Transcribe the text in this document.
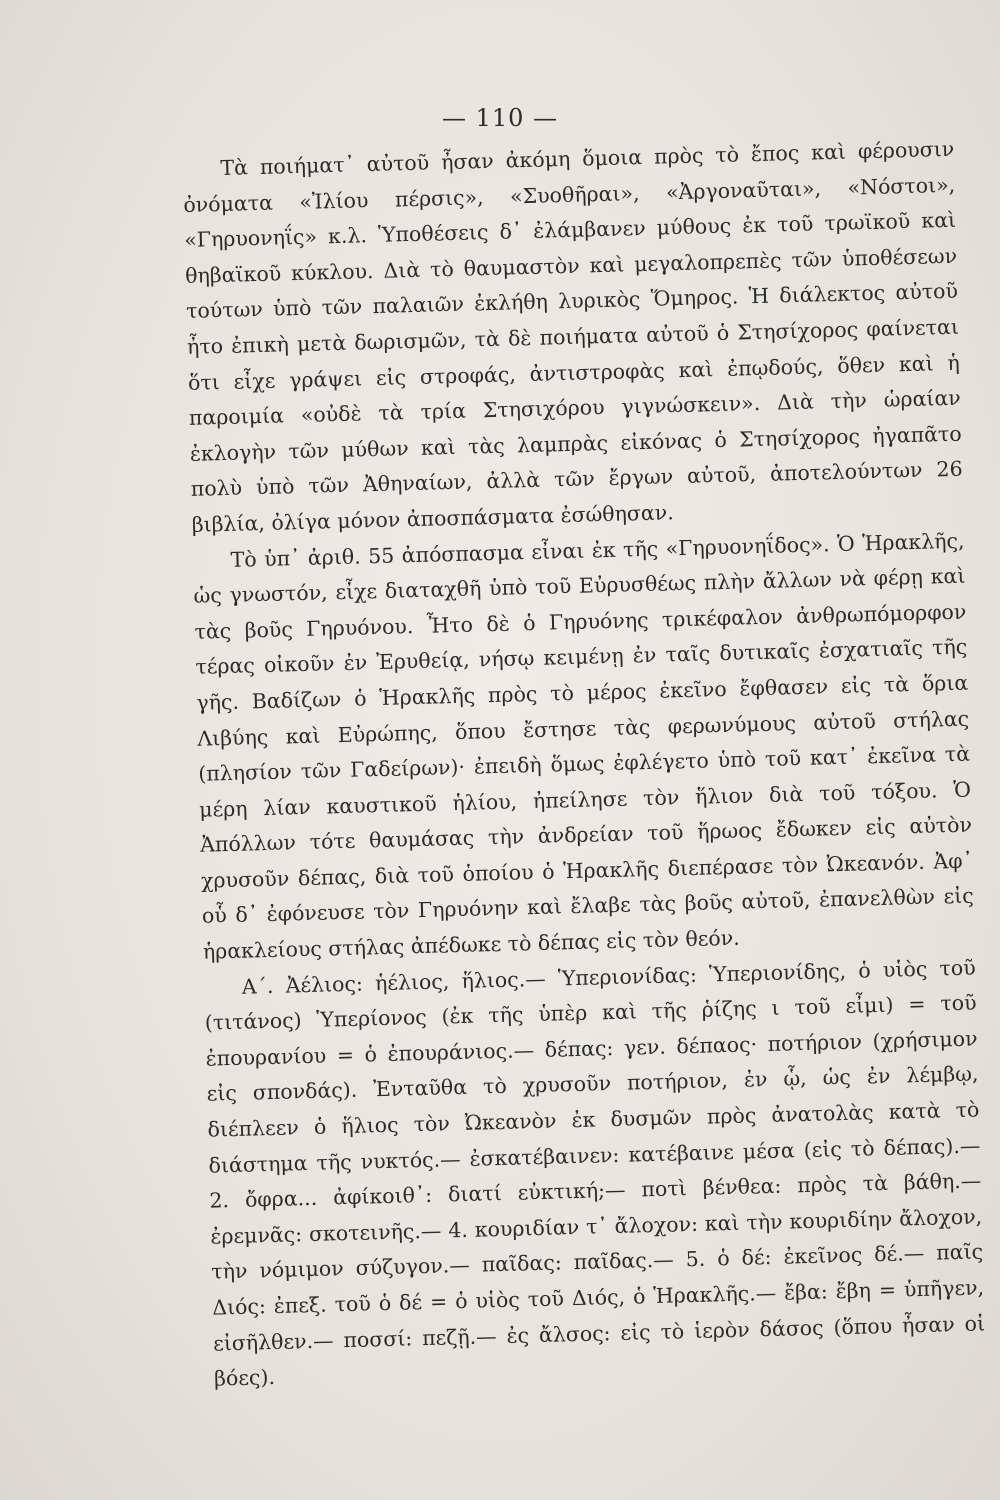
— 110 —

Τὰ ποιήματ᾽ αὐτοῦ ἦσαν ἀκόμη ὅμοια πρὸς τὸ ἔπος καὶ φέρουσιν ὀνόματα «Ἰλίου πέρσις», «Συοθῆραι», «Ἀργοναῦται», «Νόστοι», «Γηρυονηΐς» κ.λ. Ὑποθέσεις δ᾽ ἐλάμβανεν μύθους ἐκ τοῦ τρωϊκοῦ καὶ θηβαϊκοῦ κύκλου. Διὰ τὸ θαυμαστὸν καὶ μεγαλοπρεπὲς τῶν ὑποθέσεων τούτων ὑπὸ τῶν παλαιῶν ἐκλήθη λυρικὸς Ὅμηρος. Ἡ διάλεκτος αὐτοῦ ἦτο ἐπικὴ μετὰ δωρισμῶν, τὰ δὲ ποιήματα αὐτοῦ ὁ Στησίχορος φαίνεται ὅτι εἶχε γράψει εἰς στροφάς, ἀντιστροφὰς καὶ ἐπῳδούς, ὅθεν καὶ ἡ παροιμία «οὐδὲ τὰ τρία Στησιχόρου γιγνώσκειν». Διὰ τὴν ὡραίαν ἐκλογὴν τῶν μύθων καὶ τὰς λαμπρὰς εἰκόνας ὁ Στησίχορος ἠγαπᾶτο πολὺ ὑπὸ τῶν Ἀθηναίων, ἀλλὰ τῶν ἔργων αὐτοῦ, ἀποτελούντων 26 βιβλία, ὀλίγα μόνον ἀποσπάσματα ἐσώθησαν.

Τὸ ὑπ᾽ ἀριθ. 55 ἀπόσπασμα εἶναι ἐκ τῆς «Γηρυονηΐδος». Ὁ Ἡρακλῆς, ὡς γνωστόν, εἶχε διαταχθῆ ὑπὸ τοῦ Εὐρυσθέως πλὴν ἄλλων νὰ φέρῃ καὶ τὰς βοῦς Γηρυόνου. Ἦτο δὲ ὁ Γηρυόνης τρικέφαλον ἀνθρωπόμορφον τέρας οἰκοῦν ἐν Ἐρυθείᾳ, νήσῳ κειμένῃ ἐν ταῖς δυτικαῖς ἐσχατιαῖς τῆς γῆς. Βαδίζων ὁ Ἡρακλῆς πρὸς τὸ μέρος ἐκεῖνο ἔφθασεν εἰς τὰ ὅρια Λιβύης καὶ Εὐρώπης, ὅπου ἔστησε τὰς φερωνύμους αὐτοῦ στήλας (πλησίον τῶν Γαδείρων)· ἐπειδὴ ὅμως ἐφλέγετο ὑπὸ τοῦ κατ᾽ ἐκεῖνα τὰ μέρη λίαν καυστικοῦ ἡλίου, ἠπείλησε τὸν ἥλιον διὰ τοῦ τόξου. Ὁ Ἀπόλλων τότε θαυμάσας τὴν ἀνδρείαν τοῦ ἥρωος ἔδωκεν εἰς αὐτὸν χρυσοῦν δέπας, διὰ τοῦ ὁποίου ὁ Ἡρακλῆς διεπέρασε τὸν Ὠκεανόν. Ἀφ᾽ οὗ δ᾽ ἐφόνευσε τὸν Γηρυόνην καὶ ἔλαβε τὰς βοῦς αὐτοῦ, ἐπανελθὼν εἰς ἡρακλείους στήλας ἀπέδωκε τὸ δέπας εἰς τὸν θεόν.

Α΄. Ἀέλιος: ἡέλιος, ἥλιος.— Ὑπεριονίδας: Ὑπεριονίδης, ὁ υἱὸς τοῦ (τιτάνος) Ὑπερίονος (ἐκ τῆς ὑπὲρ καὶ τῆς ῥίζης ι τοῦ εἶμι) = τοῦ ἐπουρανίου = ὁ ἐπουράνιος.— δέπας: γεν. δέπαος· ποτήριον (χρήσιμον εἰς σπονδάς). Ἐνταῦθα τὸ χρυσοῦν ποτήριον, ἐν ᾧ, ὡς ἐν λέμβῳ, διέπλεεν ὁ ἥλιος τὸν Ὠκεανὸν ἐκ δυσμῶν πρὸς ἀνατολὰς κατὰ τὸ διάστημα τῆς νυκτός.— ἐσκατέβαινεν: κατέβαινε μέσα (εἰς τὸ δέπας).— 2. ὄφρα... ἀφίκοιθ᾽: διατί εὐκτική;— ποτὶ βένθεα: πρὸς τὰ βάθη.— ἐρεμνᾶς: σκοτεινῆς.— 4. κουριδίαν τ᾽ ἄλοχον: καὶ τὴν κουριδίην ἄλοχον, τὴν νόμιμον σύζυγον.— παῖδας: παῖδας.— 5. ὁ δέ: ἐκεῖνος δέ.— παῖς Διός: ἐπεξ. τοῦ ὁ δέ = ὁ υἱὸς τοῦ Διός, ὁ Ἡρακλῆς.— ἔβα: ἔβη = ὑπῆγεν, εἰσῆλθεν.— ποσσί: πεζῇ.— ἐς ἄλσος: εἰς τὸ ἱερὸν δάσος (ὅπου ἦσαν οἱ βόες).
